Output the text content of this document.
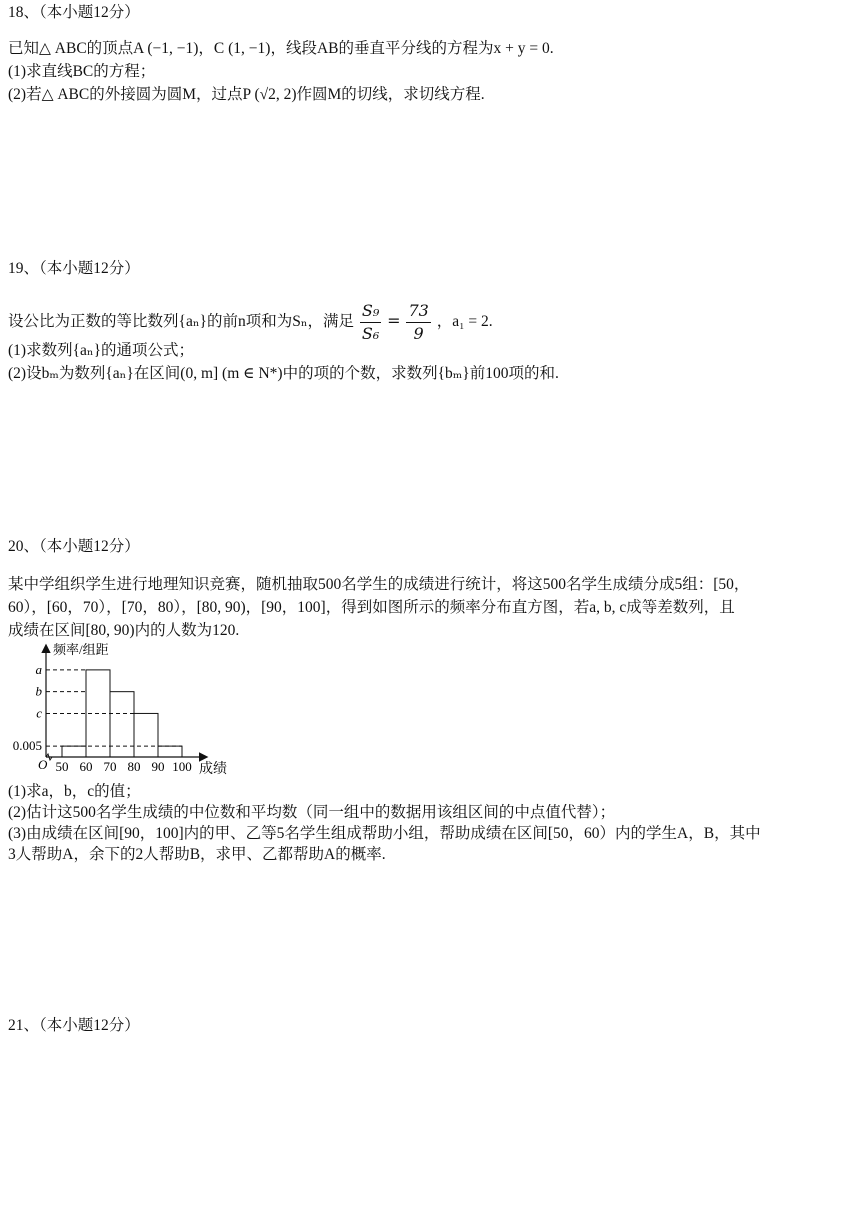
18、（本小题12分）
已知△ ABC的顶点A (−1, −1)，C (1, −1)，线段AB的垂直平分线的方程为x + y = 0.
(1)求直线BC的方程；
(2)若△ ABC的外接圆为圆M，过点P (√2, 2)作圆M的切线，求切线方程.
19、（本小题12分）
设公比为正数的等比数列{aₙ}的前n项和为Sₙ，满足 $\frac{\text{S₉}}{\text{S₆}} = \frac{73}{9}$ ，a₁ = 2.
(1)求数列{aₙ}的通项公式；
(2)设bₘ为数列{aₙ}在区间(0, m] (m ∈ N*)中的项的个数，求数列{bₘ}前100项的和.
20、（本小题12分）
某中学组织学生进行地理知识竞赛，随机抽取500名学生的成绩进行统计，将这500名学生成绩分成5组：[50，
60），[60，70），[70，80），[80, 90)，[90，100]，得到如图所示的频率分布直方图，若a, b, c成等差数列，且
成绩在区间[80, 90)内的人数为120.
a
b
c
0.005
50 60 70 80 90 100
O
频率/组距
成绩
(1)求a，b，c的值；
(2)估计这500名学生成绩的中位数和平均数（同一组中的数据用该组区间的中点值代替）；
(3)由成绩在区间[90，100]内的甲、乙等5名学生组成帮助小组，帮助成绩在区间[50，60）内的学生A，B，其中
3人帮助A，余下的2人帮助B，求甲、乙都帮助A的概率.
21、（本小题12分）
